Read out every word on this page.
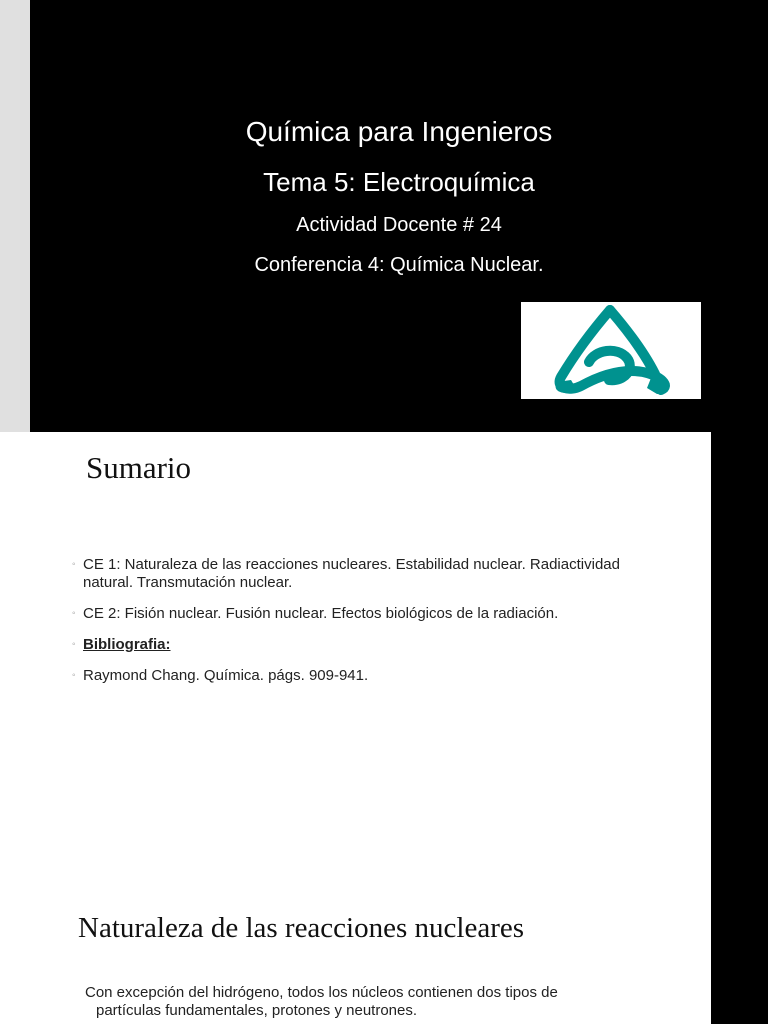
Química para Ingenieros
Tema 5: Electroquímica
Actividad Docente # 24
Conferencia 4: Química Nuclear.
Sumario
◦ CE 1: Naturaleza de las reacciones nucleares. Estabilidad nuclear. Radiactividad natural. Transmutación nuclear.
◦ CE 2: Fisión nuclear. Fusión nuclear. Efectos biológicos de la radiación.
◦ Bibliografia:
◦ Raymond Chang. Química. págs. 909-941.
Naturaleza de las reacciones nucleares
Con excepción del hidrógeno, todos los núcleos contienen dos tipos de
partículas fundamentales, protones y neutrones.
